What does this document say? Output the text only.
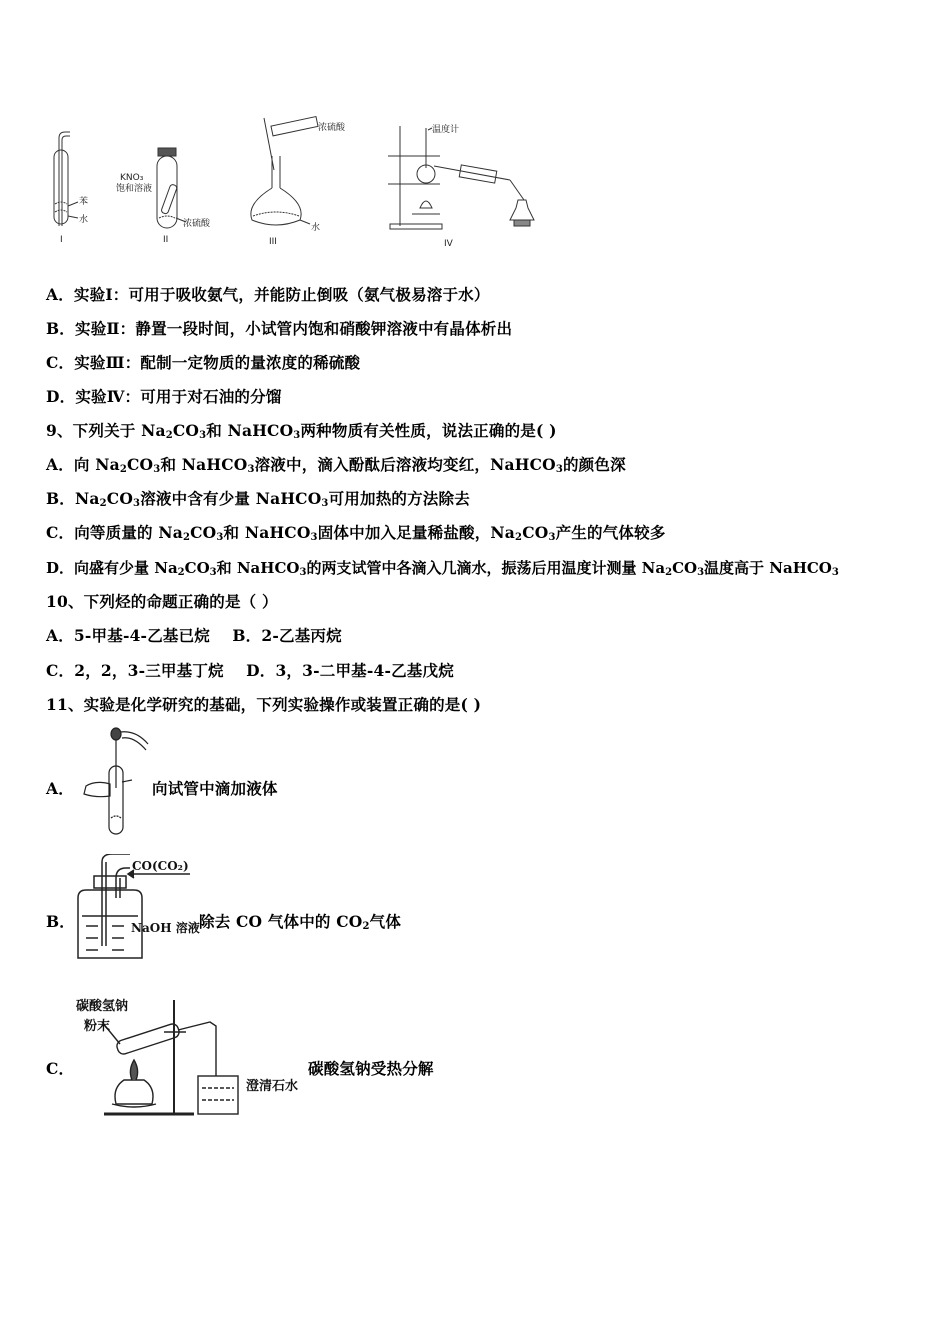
苯
水
I
KNO₃
饱和溶液
浓硫酸
II
浓硫酸
水
III
温度计
IV
A．实验Ⅰ：可用于吸收氨气，并能防止倒吸（氨气极易溶于水）
B．实验Ⅱ：静置一段时间，小试管内饱和硝酸钾溶液中有晶体析出
C．实验Ⅲ：配制一定物质的量浓度的稀硫酸
D．实验Ⅳ：可用于对石油的分馏
9、下列关于 $Na_2CO_3$和 NaHCO$_3$两种物质有关性质，说法正确的是( )
A．向 $Na_2CO_3$和 NaHCO$_3$溶液中，滴入酚酞后溶液均变红，NaHCO$_3$的颜色深
B．$Na_2CO_3$溶液中含有少量 NaHCO$_3$可用加热的方法除去
C．向等质量的 $Na_2CO_3$和 NaHCO$_3$固体中加入足量稀盐酸，$Na_2CO_3$产生的气体较多
D．向盛有少量 $Na_2CO_3$和 NaHCO$_3$的两支试管中各滴入几滴水，振荡后用温度计测量 $Na_2CO_3$温度高于 NaHCO$_3$
10、下列烃的命题正确的是（ ）
A．5-甲基-4-乙基已烷    B．2-乙基丙烷
C．2，2，3-三甲基丁烷    D．3，3-二甲基-4-乙基戊烷
11、实验是化学研究的基础，下列实验操作或装置正确的是( )
A．	向试管中滴加液体
B．
CO(CO₂)
NaOH 溶液 除去 CO 气体中的 $CO_2$气体
C．
碳酸氢钠
粉末
澄清石水
碳酸氢钠受热分解
